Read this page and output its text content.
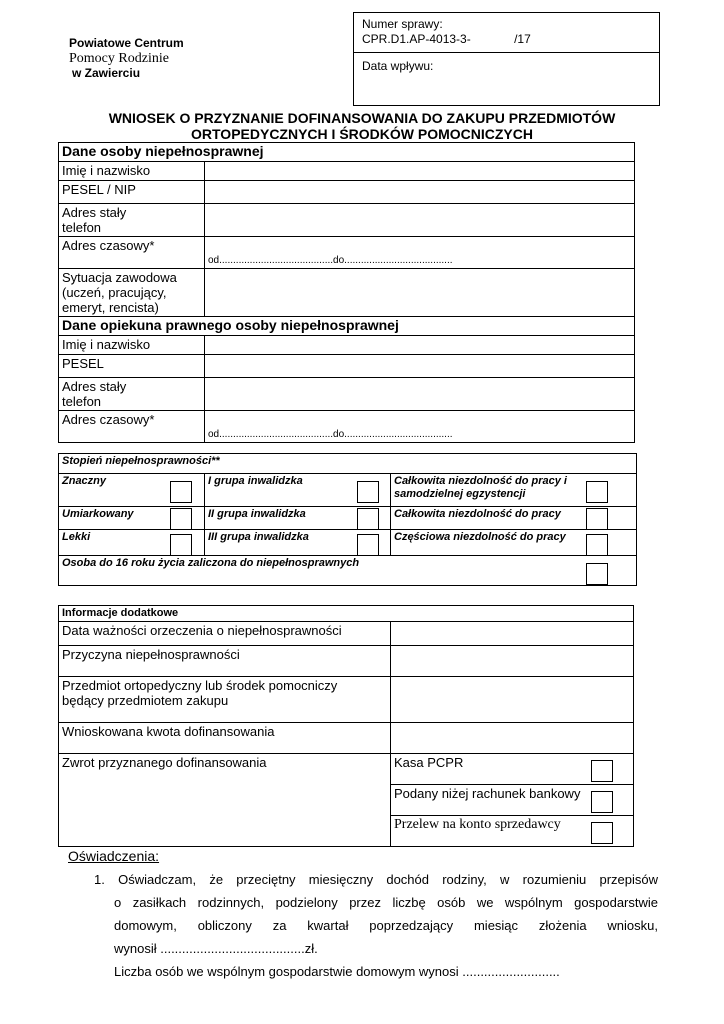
Powiatowe Centrum
Pomocy Rodzinie
w Zawierciu
Numer sprawy:
CPR.D1.AP-4013-3-	/17
Data wpływu:
WNIOSEK O PRZYZNANIE DOFINANSOWANIA DO ZAKUPU PRZEDMIOTÓW
ORTOPEDYCZNYCH I ŚRODKÓW POMOCNICZYCH
Dane osoby niepełnosprawnej	
Imię i nazwisko	
PESEL / NIP	

Adres stały
telefon	

Adres czasowy*	od.........................................do.......................................

Sytuacja zawodowa
(uczeń, pracujący,
emeryt, rencista)	

Dane opiekuna prawnego osoby niepełnosprawnej	
Imię i nazwisko	
PESEL	

Adres stały
telefon	

Adres czasowy*	od.........................................do.......................................
Stopień niepełnosprawności**		
Znaczny	I grupa inwalidzka	Całkowita niezdolność do pracy i samodzielnej egzystencji
Umiarkowany	II grupa inwalidzka	Całkowita niezdolność do pracy
Lekki	III grupa inwalidzka	Częściowa niezdolność do pracy
Osoba do 16 roku życia zaliczona do niepełnosprawnych		
Informacje dodatkowe	
Data ważności orzeczenia o niepełnosprawności	
Przyczyna niepełnosprawności	

Przedmiot ortopedyczny lub środek pomocniczy
będący przedmiotem zakupu	

Wnioskowana kwota dofinansowania	
Zwrot przyznanego dofinansowania	Kasa PCPR
	Podany niżej rachunek bankowy
	Przelew na konto sprzedawcy
Oświadczenia:
1. Oświadczam, że przeciętny miesięczny dochód rodziny, w rozumieniu przepisów
o zasiłkach rodzinnych, podzielony przez liczbę osób we wspólnym gospodarstwie
domowym, obliczony za kwartał poprzedzający miesiąc złożenia wniosku,
wynosił ........................................zł.
Liczba osób we wspólnym gospodarstwie domowym wynosi ...........................
